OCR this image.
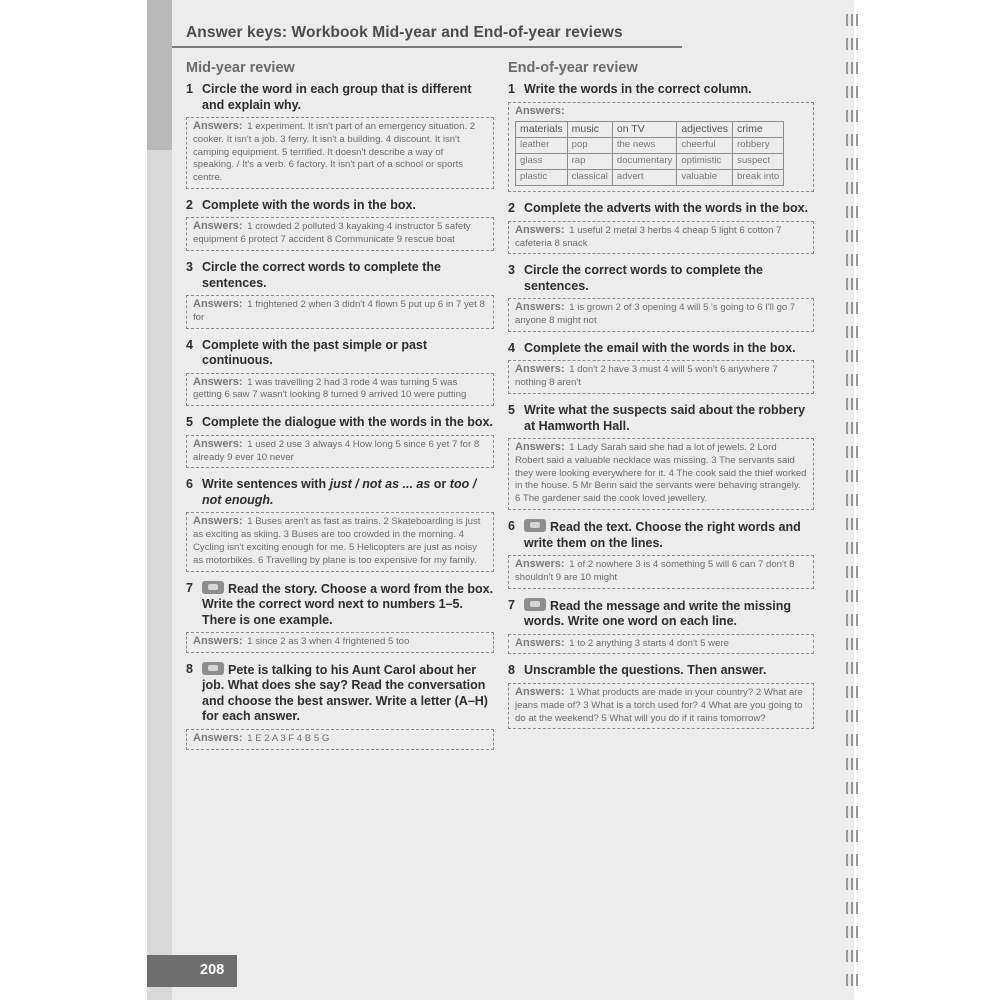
Answer keys: Workbook Mid-year and End-of-year reviews
Mid-year review
1 Circle the word in each group that is different and explain why.
Answers: 1 experiment. It isn't part of an emergency situation. 2 cooker. It isn't a job. 3 ferry. It isn't a building. 4 discount. It isn't camping equipment. 5 terrified. It doesn't describe a way of speaking. / It's a verb. 6 factory. It isn't part of a school or sports centre.
2 Complete with the words in the box.
Answers: 1 crowded 2 polluted 3 kayaking 4 instructor 5 safety equipment 6 protect 7 accident 8 Communicate 9 rescue boat
3 Circle the correct words to complete the sentences.
Answers: 1 frightened 2 when 3 didn't 4 flown 5 put up 6 in 7 yet 8 for
4 Complete with the past simple or past continuous.
Answers: 1 was travelling 2 had 3 rode 4 was turning 5 was getting 6 saw 7 wasn't looking 8 turned 9 arrived 10 were putting
5 Complete the dialogue with the words in the box.
Answers: 1 used 2 use 3 always 4 How long 5 since 6 yet 7 for 8 already 9 ever 10 never
6 Write sentences with just / not as ... as or too / not enough.
Answers: 1 Buses aren't as fast as trains. 2 Skateboarding is just as exciting as skiing. 3 Buses are too crowded in the morning. 4 Cycling isn't exciting enough for me. 5 Helicopters are just as noisy as motorbikes. 6 Travelling by plane is too expensive for my family.
7	Read the story. Choose a word from the box. Write the correct word next to numbers 1–5. There is one example.
Answers: 1 since 2 as 3 when 4 frightened 5 too
8	Pete is talking to his Aunt Carol about her job. What does she say? Read the conversation and choose the best answer. Write a letter (A–H) for each answer.
Answers: 1 E 2 A 3 F 4 B 5 G
End-of-year review
1 Write the words in the correct column.
Answers:
materials	music	on TV	adjectives	crime
leather	pop	the news	cheerful	robbery
glass	rap	documentary	optimistic	suspect
plastic	classical	advert	valuable	break into
2 Complete the adverts with the words in the box.
Answers: 1 useful 2 metal 3 herbs 4 cheap 5 light 6 cotton 7 cafeteria 8 snack
3 Circle the correct words to complete the sentences.
Answers: 1 is grown 2 of 3 opening 4 will 5 's going to 6 I'll go 7 anyone 8 might not
4 Complete the email with the words in the box.
Answers: 1 don't 2 have 3 must 4 will 5 won't 6 anywhere 7 nothing 8 aren't
5 Write what the suspects said about the robbery at Hamworth Hall.
Answers: 1 Lady Sarah said she had a lot of jewels. 2 Lord Robert said a valuable necklace was missing. 3 The servants said they were looking everywhere for it. 4 The cook said the thief worked in the house. 5 Mr Benn said the servants were behaving strangely. 6 The gardener said the cook loved jewellery.
6	Read the text. Choose the right words and write them on the lines.
Answers: 1 of 2 nowhere 3 is 4 something 5 will 6 can 7 don't 8 shouldn't 9 are 10 might
7	Read the message and write the missing words. Write one word on each line.
Answers: 1 to 2 anything 3 starts 4 don't 5 were
8 Unscramble the questions. Then answer.
Answers: 1 What products are made in your country? 2 What are jeans made of? 3 What is a torch used for? 4 What are you going to do at the weekend? 5 What will you do if it rains tomorrow?

208
